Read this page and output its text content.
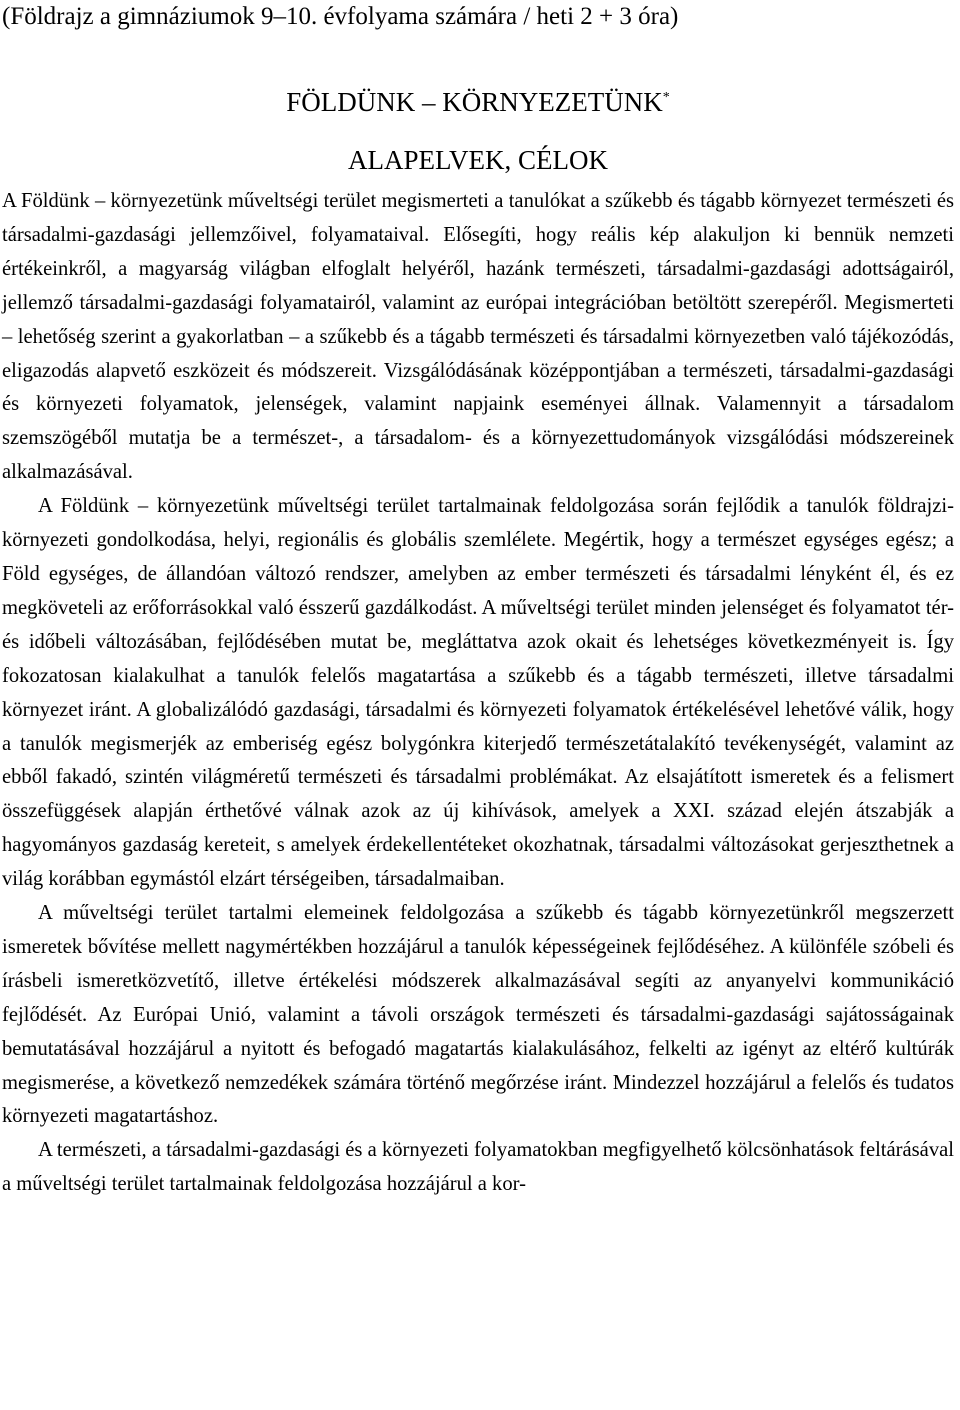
(Földrajz a gimnáziumok 9–10. évfolyama számára / heti 2 + 3 óra)
FÖLDÜNK – KÖRNYEZETÜNK*
ALAPELVEK, CÉLOK

A Földünk – környezetünk műveltségi terület megismerteti a tanulókat a szűkebb és tágabb környezet természeti és társadalmi-gazdasági jellemzőivel, folyamataival. Elősegíti, hogy reális kép alakuljon ki bennük nemzeti értékeinkről, a magyarság világban elfoglalt helyéről, hazánk természeti, társadalmi-gazdasági adottságairól, jellemző társadalmi-gazdasági folyamatairól, valamint az európai integrációban betöltött szerepéről. Megismerteti – lehetőség szerint a gyakorlatban – a szűkebb és a tágabb természeti és társadalmi környezetben való tájékozódás, eligazodás alapvető eszközeit és módszereit. Vizsgálódásának középpontjában a természeti, társadalmi-gazdasági és környezeti folyamatok, jelenségek, valamint napjaink eseményei állnak. Valamennyit a társadalom szemszögéből mutatja be a természet-, a társadalom- és a környezettudományok vizsgálódási módszereinek alkalmazásával.

A Földünk – környezetünk műveltségi terület tartalmainak feldolgozása során fejlődik a tanulók földrajzi-környezeti gondolkodása, helyi, regionális és globális szemlélete. Megértik, hogy a természet egységes egész; a Föld egységes, de állandóan változó rendszer, amelyben az ember természeti és társadalmi lényként él, és ez megköveteli az erőforrásokkal való ésszerű gazdálkodást. A műveltségi terület minden jelenséget és folyamatot tér- és időbeli változásában, fejlődésében mutat be, megláttatva azok okait és lehetséges következményeit is. Így fokozatosan kialakulhat a tanulók felelős magatartása a szűkebb és a tágabb természeti, illetve társadalmi környezet iránt. A globalizálódó gazdasági, társadalmi és környezeti folyamatok értékelésével lehetővé válik, hogy a tanulók megismerjék az emberiség egész bolygónkra kiterjedő természetátalakító tevékenységét, valamint az ebből fakadó, szintén világméretű természeti és társadalmi problémákat. Az elsajátított ismeretek és a felismert összefüggések alapján érthetővé válnak azok az új kihívások, amelyek a XXI. század elején átszabják a hagyományos gazdaság kereteit, s amelyek érdekellentéteket okozhatnak, társadalmi változásokat gerjeszthetnek a világ korábban egymástól elzárt térségeiben, társadalmaiban.

A műveltségi terület tartalmi elemeinek feldolgozása a szűkebb és tágabb környezetünkről megszerzett ismeretek bővítése mellett nagymértékben hozzájárul a tanulók képességeinek fejlődéséhez. A különféle szóbeli és írásbeli ismeretközvetítő, illetve értékelési módszerek alkalmazásával segíti az anyanyelvi kommunikáció fejlődését. Az Európai Unió, valamint a távoli országok természeti és társadalmi-gazdasági sajátosságainak bemutatásával hozzájárul a nyitott és befogadó magatartás kialakulásához, felkelti az igényt az eltérő kultúrák megismerése, a következő nemzedékek számára történő megőrzése iránt. Mindezzel hozzájárul a felelős és tudatos környezeti magatartáshoz.

A természeti, a társadalmi-gazdasági és a környezeti folyamatokban megfigyelhető kölcsönhatások feltárásával a műveltségi terület tartalmainak feldolgozása hozzájárul a kor-
